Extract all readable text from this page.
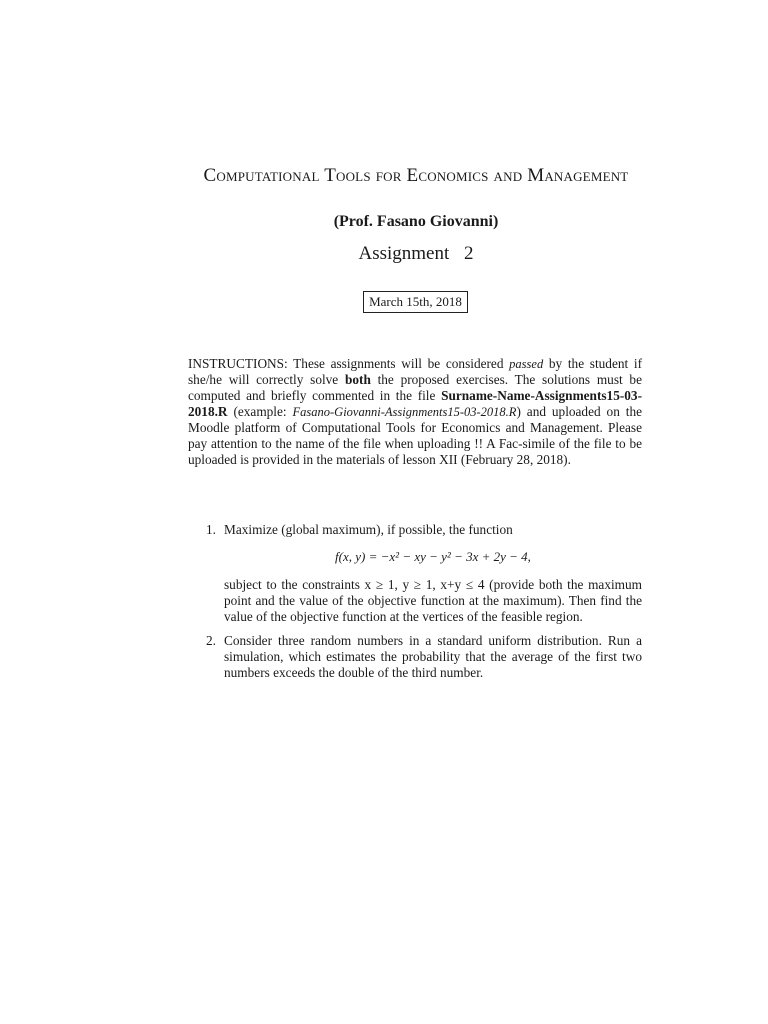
Computational Tools for Economics and Management
(Prof. Fasano Giovanni)
Assignment 2
March 15th, 2018
INSTRUCTIONS: These assignments will be considered passed by the student if she/he will correctly solve both the proposed exercises. The solutions must be computed and briefly commented in the file Surname-Name-Assignments15-03-2018.R (example: Fasano-Giovanni-Assignments15-03-2018.R) and uploaded on the Moodle platform of Computational Tools for Economics and Management. Please pay attention to the name of the file when uploading !! A Fac-simile of the file to be uploaded is provided in the materials of lesson XII (February 28, 2018).
1. Maximize (global maximum), if possible, the function
f(x, y) = −x² − xy − y² − 3x + 2y − 4,
subject to the constraints x ≥ 1, y ≥ 1, x+y ≤ 4 (provide both the maximum point and the value of the objective function at the maximum). Then find the value of the objective function at the vertices of the feasible region.
2. Consider three random numbers in a standard uniform distribution. Run a simulation, which estimates the probability that the average of the first two numbers exceeds the double of the third number.
